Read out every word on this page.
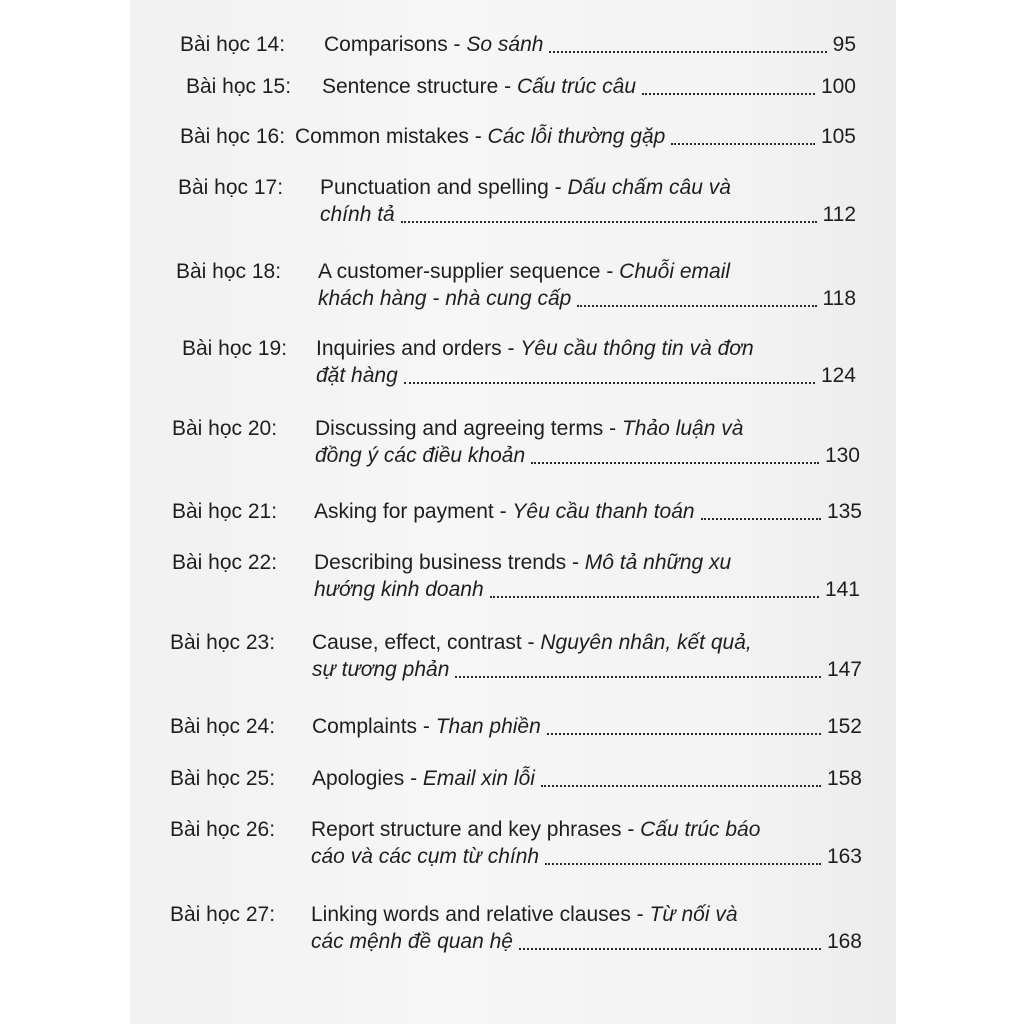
Bài học 14: Comparisons - So sánh	95
Bài học 15: Sentence structure - Cấu trúc câu	100
Bài học 16: Common mistakes - Các lỗi thường gặp	105
Bài học 17: Punctuation and spelling - Dấu chấm câu và
chính tả	112
Bài học 18: A customer-supplier sequence - Chuỗi email
khách hàng - nhà cung cấp	118
Bài học 19: Inquiries and orders - Yêu cầu thông tin và đơn
đặt hàng	124
Bài học 20: Discussing and agreeing terms - Thảo luận và
đồng ý các điều khoản	130
Bài học 21: Asking for payment - Yêu cầu thanh toán	135
Bài học 22: Describing business trends - Mô tả những xu
hướng kinh doanh	141
Bài học 23: Cause, effect, contrast - Nguyên nhân, kết quả,
sự tương phản	147
Bài học 24: Complaints - Than phiền	152
Bài học 25: Apologies - Email xin lỗi	158
Bài học 26: Report structure and key phrases - Cấu trúc báo
cáo và các cụm từ chính	163
Bài học 27: Linking words and relative clauses - Từ nối và
các mệnh đề quan hệ	168
